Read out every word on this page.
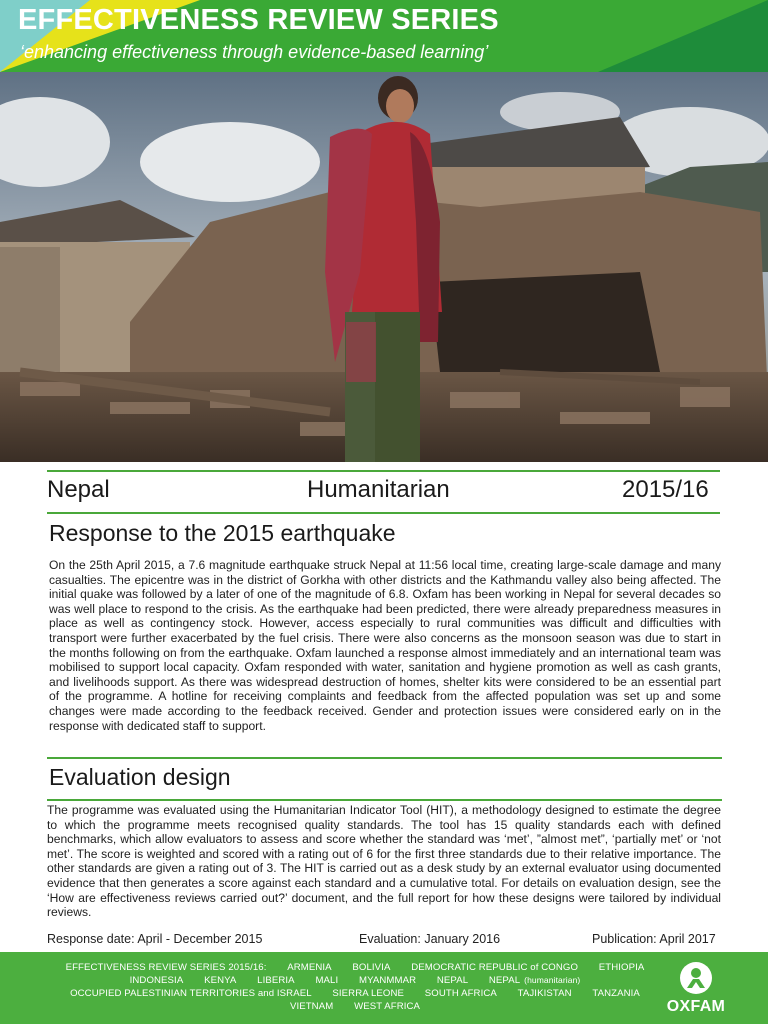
EFFECTIVENESS REVIEW SERIES
‘enhancing effectiveness through evidence-based learning’
Nepal	Humanitarian	2015/16
Response to the 2015 earthquake

On the 25th April 2015, a 7.6 magnitude earthquake struck Nepal at 11:56 local time, creating large-scale damage and many casualties. The epicentre was in the district of Gorkha with other districts and the Kathmandu valley also being affected. The initial quake was followed by a later of one of the magnitude of 6.8. Oxfam has been working in Nepal for several decades so was well place to respond to the crisis. As the earthquake had been predicted, there were already preparedness measures in place as well as contingency stock. However, access especially to rural communities was difficult and difficulties with transport were further exacerbated by the fuel crisis. There were also concerns as the monsoon season was due to start in the months following on from the earthquake. Oxfam launched a response almost immediately and an international team was mobilised to support local capacity. Oxfam responded with water, sanitation and hygiene promotion as well as cash grants, and livelihoods support. As there was widespread destruction of homes, shelter kits were considered to be an essential part of the programme. A hotline for receiving complaints and feedback from the affected population was set up and some changes were made according to the feedback received. Gender and protection issues were considered early on in the response with dedicated staff to support.

Evaluation design

The programme was evaluated using the Humanitarian Indicator Tool (HIT), a methodology designed to estimate the degree to which the programme meets recognised quality standards. The tool has 15 quality standards each with defined benchmarks, which allow evaluators to assess and score whether the standard was ‘met’, ”almost met”, ‘partially met’ or ‘not met’. The score is weighted and scored with a rating out of 6 for the first three standards due to their relative importance. The other standards are given a rating out of 3. The HIT is carried out as a desk study by an external evaluator using documented evidence that then generates a score against each standard and a cumulative total. For details on evaluation design, see the ‘How are effectiveness reviews carried out?’ document, and the full report for how these designs were tailored by individual reviews.

Response date: April - December 2015	Evaluation: January 2016	Publication: April 2017
EFFECTIVENESS REVIEW SERIES 2015/16: ARMENIA BOLIVIA DEMOCRATIC REPUBLIC of CONGO ETHIOPIA
INDONESIA KENYA LIBERIA MALI MYANMMAR NEPAL NEPAL (humanitarian)
OCCUPIED PALESTINIAN TERRITORIES and ISRAEL SIERRA LEONE SOUTH AFRICA TAJIKISTAN TANZANIA
VIETNAM WEST AFRICA	OXFAM
